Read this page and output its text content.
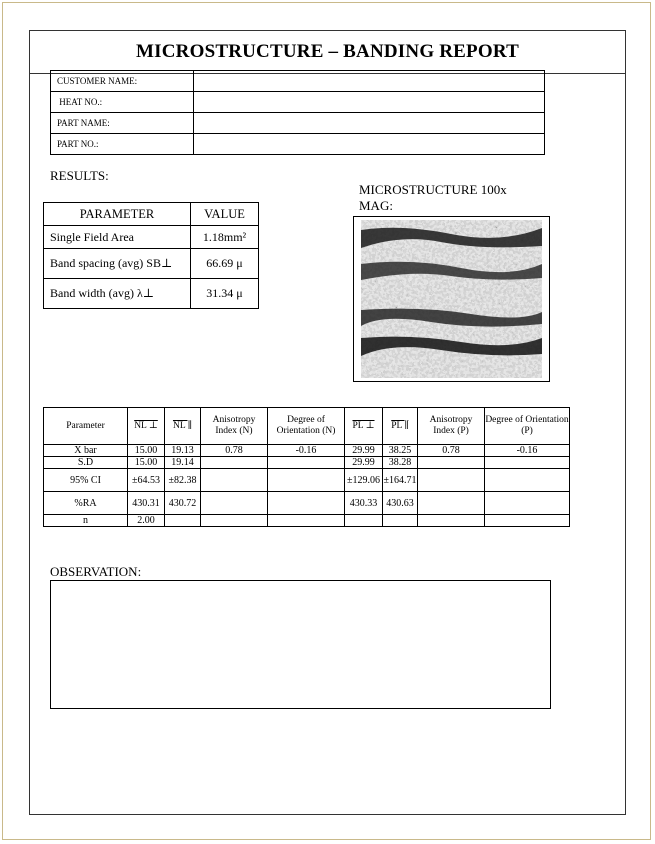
MICROSTRUCTURE – BANDING REPORT
CUSTOMER NAME:	
HEAT NO.:	
PART NAME:	
PART NO.:	
RESULTS:
PARAMETER	VALUE
Single Field Area	1.18mm²
Band spacing (avg) SB⊥	66.69 μ
Band width (avg) λ⊥	31.34 μ
MICROSTRUCTURE 100x MAG:
Parameter	NL ⊥	NL ∥	Anisotropy Index (N)	Degree of Orientation (N)	PL ⊥	PL ∥	Anisotropy Index (P)	Degree of Orientation (P)
X bar	15.00	19.13	0.78	-0.16	29.99	38.25	0.78	-0.16
S.D	15.00	19.14			29.99	38.28		
95% CI	±64.53	±82.38			±129.06	±164.71		
%RA	430.31	430.72			430.33	430.63		
n	2.00							
OBSERVATION:
